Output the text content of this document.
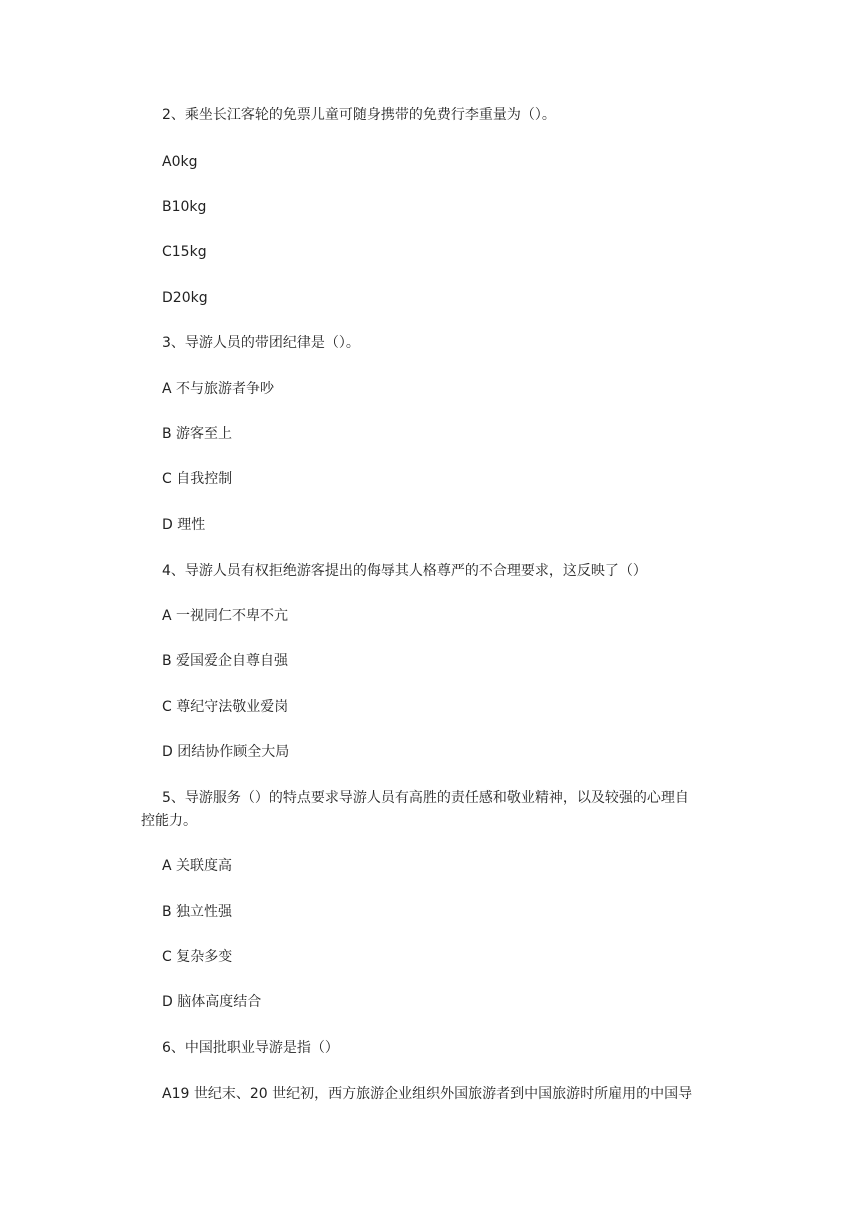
2、乘坐长江客轮的免票儿童可随身携带的免费行李重量为（）。

A0kg

B10kg

C15kg

D20kg

3、导游人员的带团纪律是（）。

A 不与旅游者争吵

B 游客至上

C 自我控制

D 理性

4、导游人员有权拒绝游客提出的侮辱其人格尊严的不合理要求，这反映了（）

A 一视同仁不卑不亢

B 爱国爱企自尊自强

C 尊纪守法敬业爱岗

D 团结协作顾全大局

5、导游服务（）的特点要求导游人员有高胜的责任感和敬业精神，以及较强的心理自

控能力。

A 关联度高

B 独立性强

C 复杂多变

D 脑体高度结合

6、中国批职业导游是指（）

A19 世纪末、20 世纪初，西方旅游企业组织外国旅游者到中国旅游时所雇用的中国导
